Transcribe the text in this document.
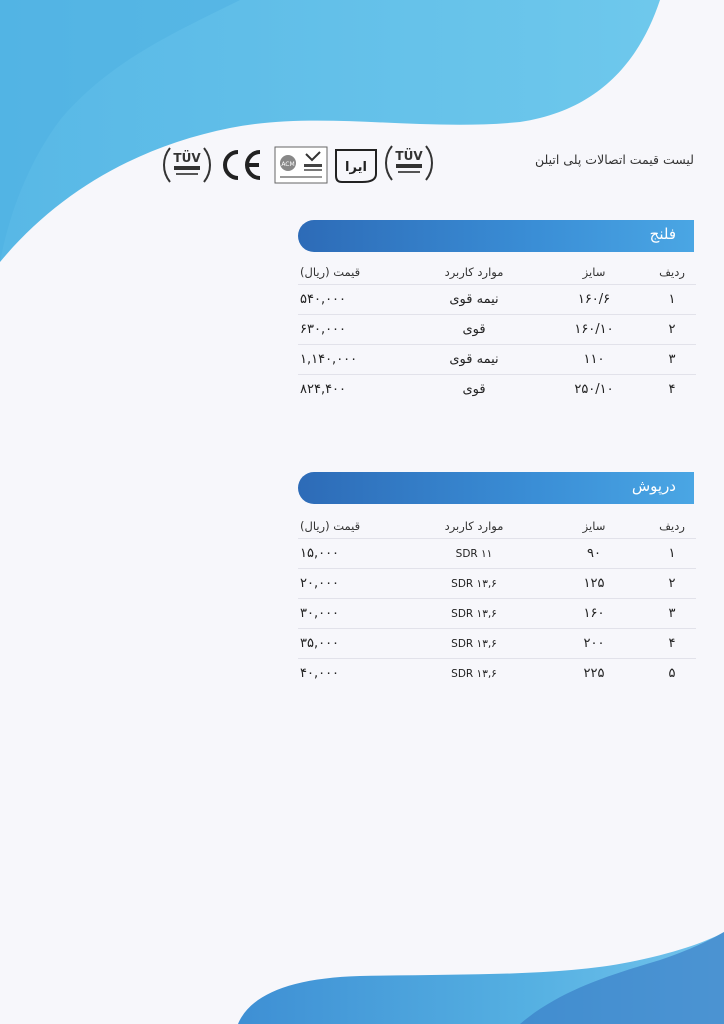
لیست قیمت اتصالات پلی اتیلن
TÜV	ACM	ایرا
TÜV
فلنج
ردیف	سایز	موارد کاربرد	قیمت (ریال)
۱	۱۶۰/۶	نیمه قوی	۵۴۰,۰۰۰
۲	۱۶۰/۱۰	قوی	۶۳۰,۰۰۰
۳	۱۱۰	نیمه قوی	۱,۱۴۰,۰۰۰
۴	۲۵۰/۱۰	قوی	۸۲۴,۴۰۰
درپوش
ردیف	سایز	موارد کاربرد	قیمت (ریال)
۱	۹۰	SDR ۱۱	۱۵,۰۰۰
۲	۱۲۵	SDR ۱۳,۶	۲۰,۰۰۰
۳	۱۶۰	SDR ۱۳,۶	۳۰,۰۰۰
۴	۲۰۰	SDR ۱۳,۶	۳۵,۰۰۰
۵	۲۲۵	SDR ۱۳,۶	۴۰,۰۰۰
